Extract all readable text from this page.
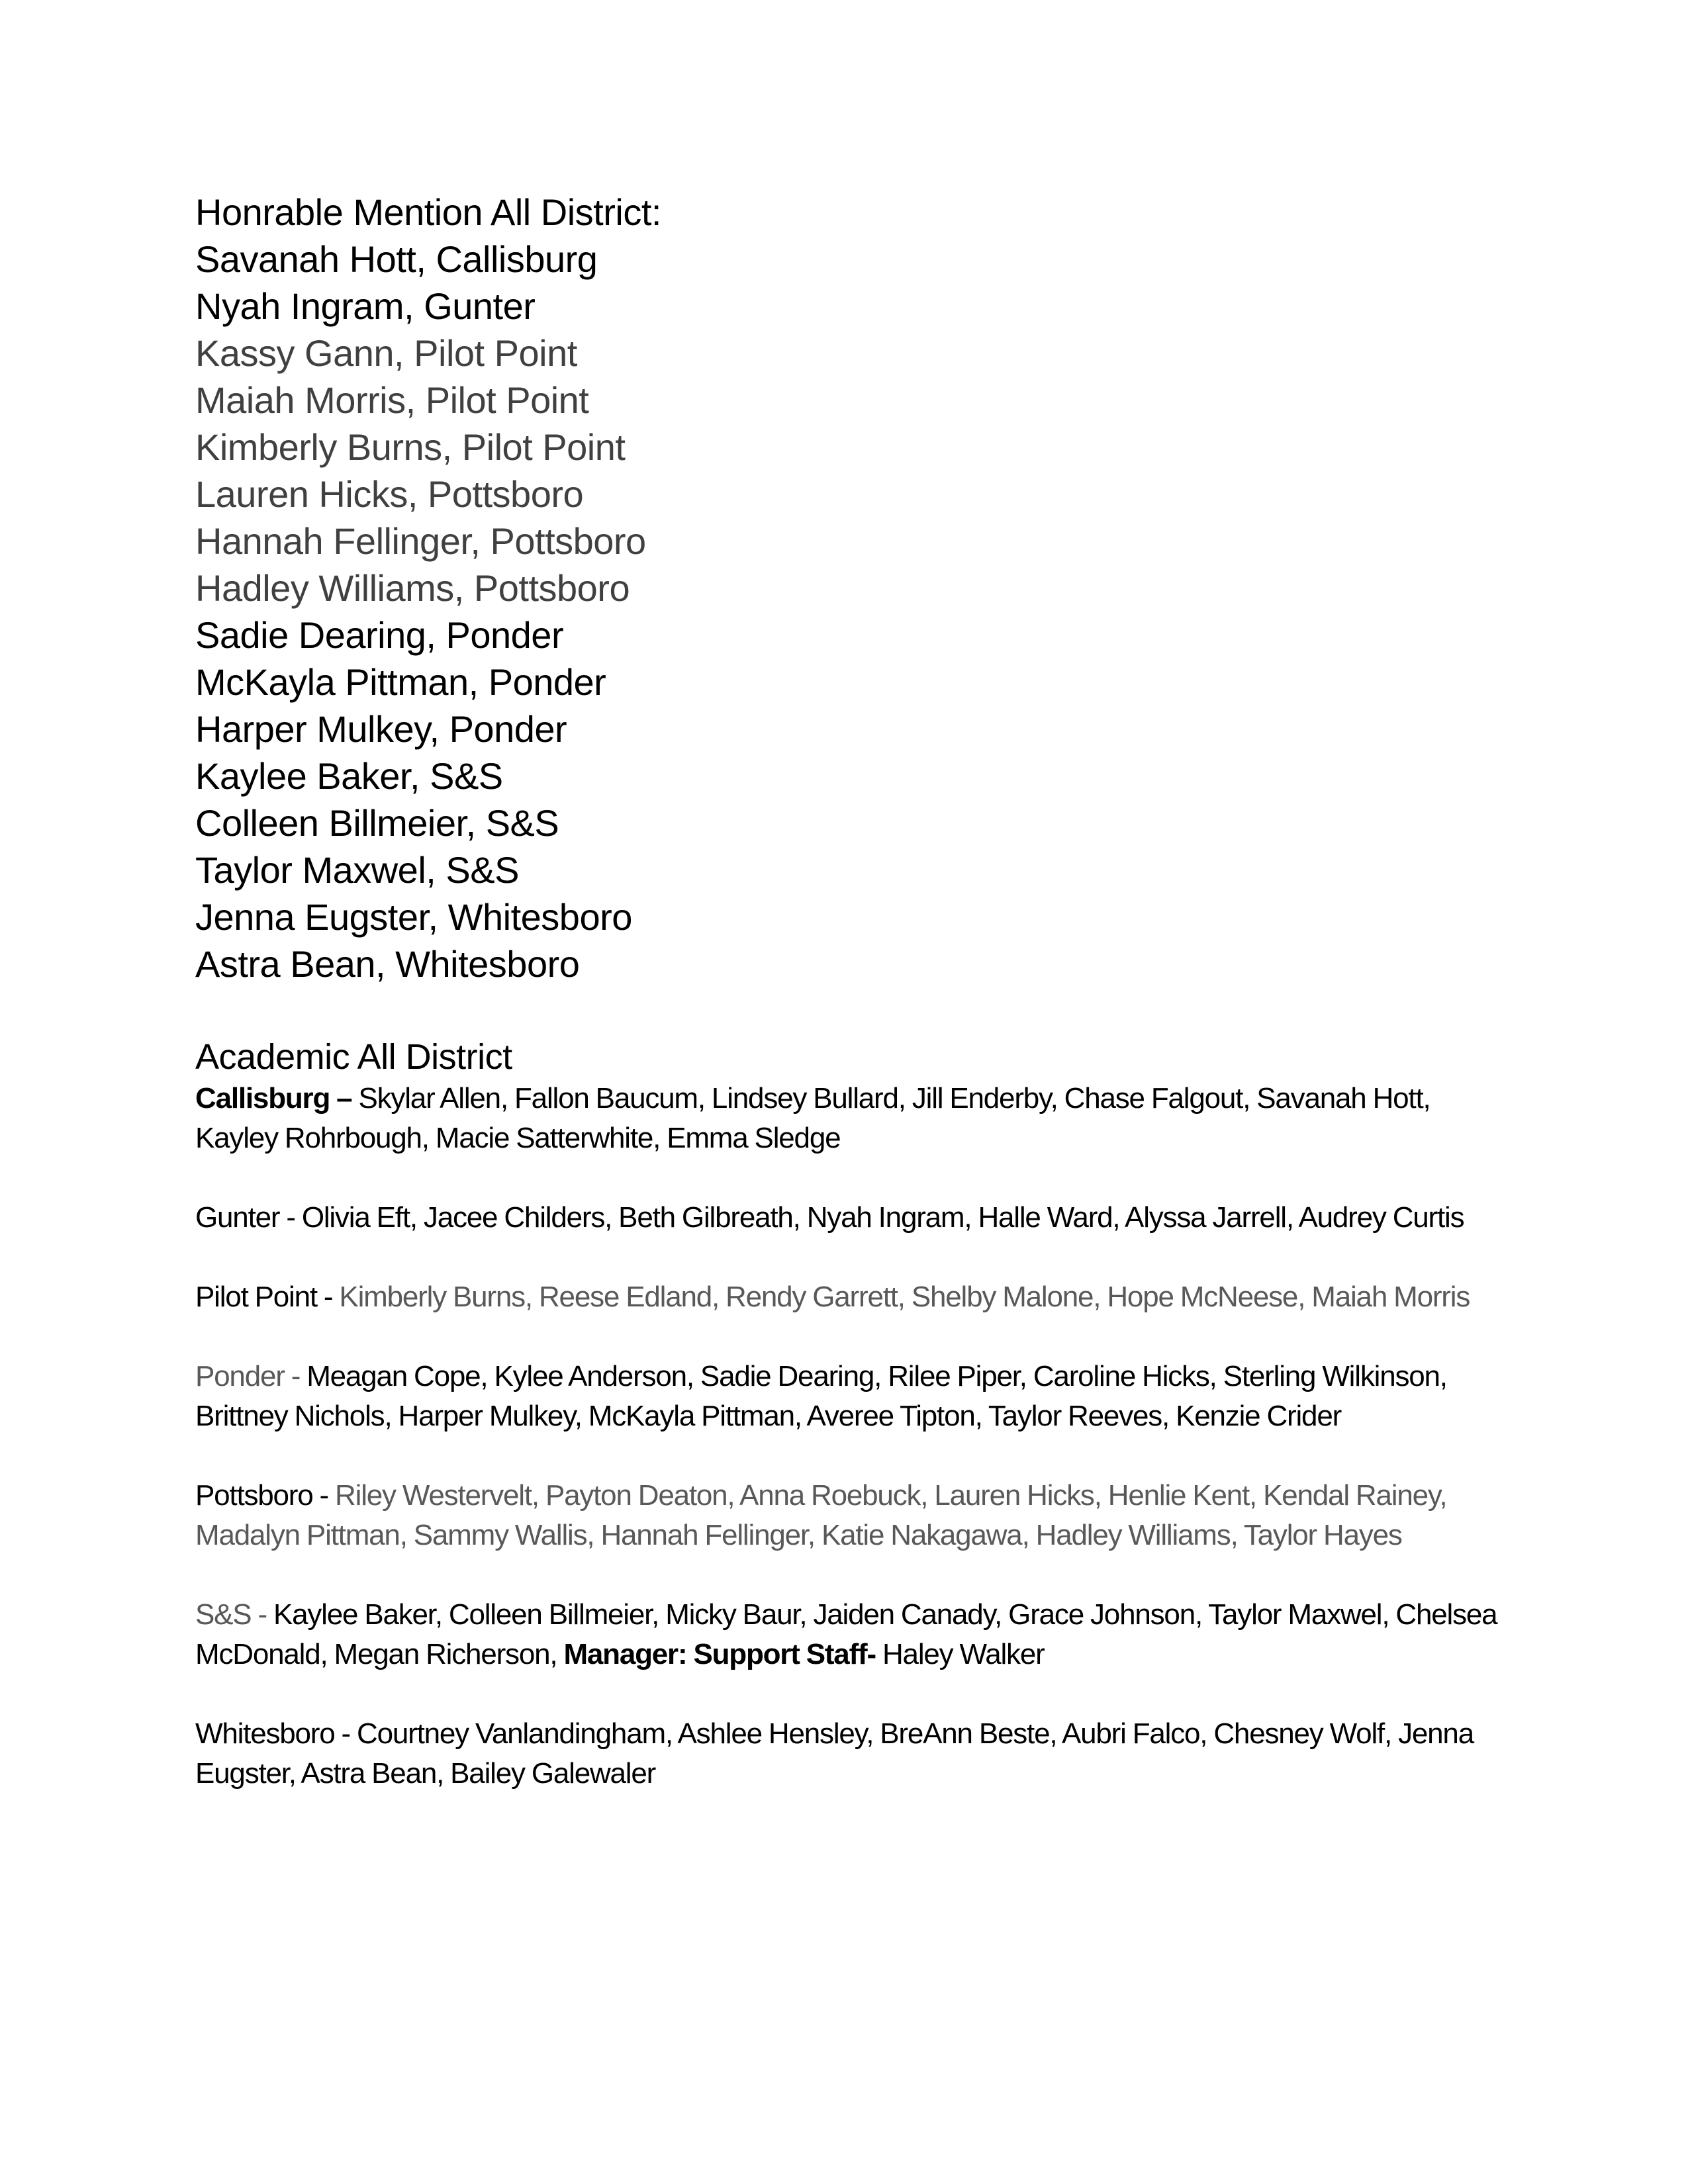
Honrable Mention All District:
Savanah Hott, Callisburg
Nyah Ingram, Gunter
Kassy Gann, Pilot Point
Maiah Morris, Pilot Point
Kimberly Burns, Pilot Point
Lauren Hicks, Pottsboro
Hannah Fellinger, Pottsboro
Hadley Williams, Pottsboro
Sadie Dearing, Ponder
McKayla Pittman, Ponder
Harper Mulkey, Ponder
Kaylee Baker, S&S
Colleen Billmeier, S&S
Taylor Maxwel, S&S
Jenna Eugster, Whitesboro
Astra Bean, Whitesboro
Academic All District

Callisburg – Skylar Allen, Fallon Baucum, Lindsey Bullard, Jill Enderby, Chase Falgout, Savanah Hott, Kayley Rohrbough, Macie Satterwhite, Emma Sledge

Gunter - Olivia Eft, Jacee Childers, Beth Gilbreath, Nyah Ingram, Halle Ward, Alyssa Jarrell, Audrey Curtis

Pilot Point - Kimberly Burns, Reese Edland, Rendy Garrett, Shelby Malone, Hope McNeese, Maiah Morris

Ponder - Meagan Cope, Kylee Anderson, Sadie Dearing, Rilee Piper, Caroline Hicks, Sterling Wilkinson, Brittney Nichols, Harper Mulkey, McKayla Pittman, Averee Tipton, Taylor Reeves, Kenzie Crider

Pottsboro - Riley Westervelt, Payton Deaton, Anna Roebuck, Lauren Hicks, Henlie Kent, Kendal Rainey, Madalyn Pittman, Sammy Wallis, Hannah Fellinger, Katie Nakagawa, Hadley Williams, Taylor Hayes

S&S - Kaylee Baker, Colleen Billmeier, Micky Baur, Jaiden Canady, Grace Johnson, Taylor Maxwel, Chelsea McDonald, Megan Richerson, Manager: Support Staff- Haley Walker

Whitesboro - Courtney Vanlandingham, Ashlee Hensley, BreAnn Beste, Aubri Falco, Chesney Wolf, Jenna Eugster, Astra Bean, Bailey Galewaler
